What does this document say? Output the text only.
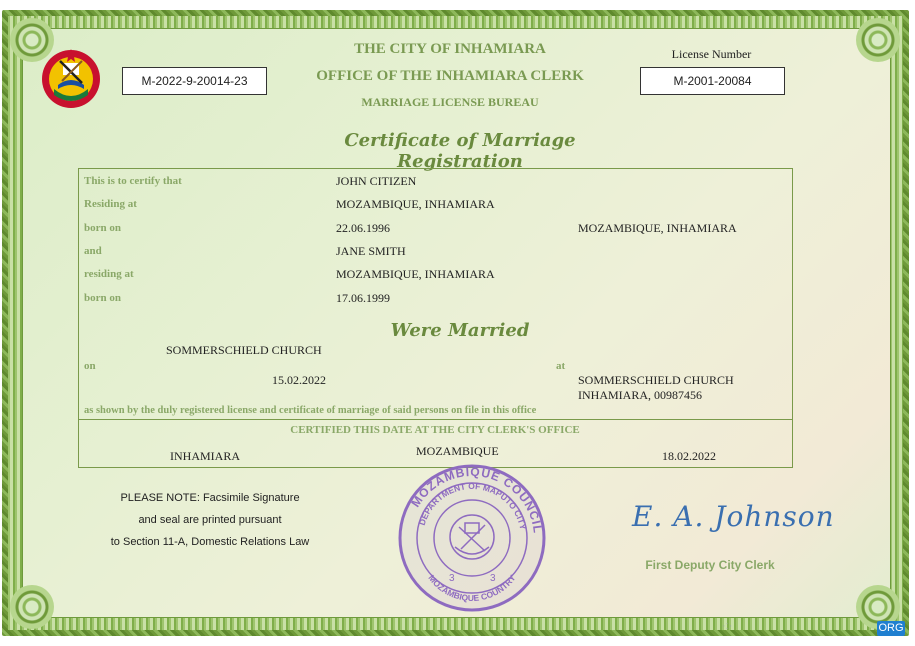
M-2022-9-20014-23
THE CITY OF INHAMIARA
OFFICE OF THE INHAMIARA CLERK
MARRIAGE LICENSE BUREAU
License Number
M-2001-20084
Certificate of Marriage Registration
This is to certify that	JOHN CITIZEN
Residing at	MOZAMBIQUE, INHAMIARA
born on	22.06.1996	MOZAMBIQUE, INHAMIARA
and	JANE SMITH
residing at	MOZAMBIQUE, INHAMIARA
born on	17.06.1999
Were Married
SOMMERSCHIELD CHURCH
on
15.02.2022
at
SOMMERSCHIELD CHURCH
INHAMIARA, 00987456
as shown by the duly registered license and certificate of marriage of said persons on file in this office
CERTIFIED THIS DATE AT THE CITY CLERK'S OFFICE
INHAMIARA	MOZAMBIQUE	18.02.2022
PLEASE NOTE: Facsimile Signature
and seal are printed pursuant
to Section 11-A, Domestic Relations Law
MOZAMBIQUE COUNCIL
DEPARTMENT OF MAPUTO CITY
MOZAMBIQUE COUNTRY
3	3
E. A. Johnson
First Deputy City Clerk
·:·	ORG
